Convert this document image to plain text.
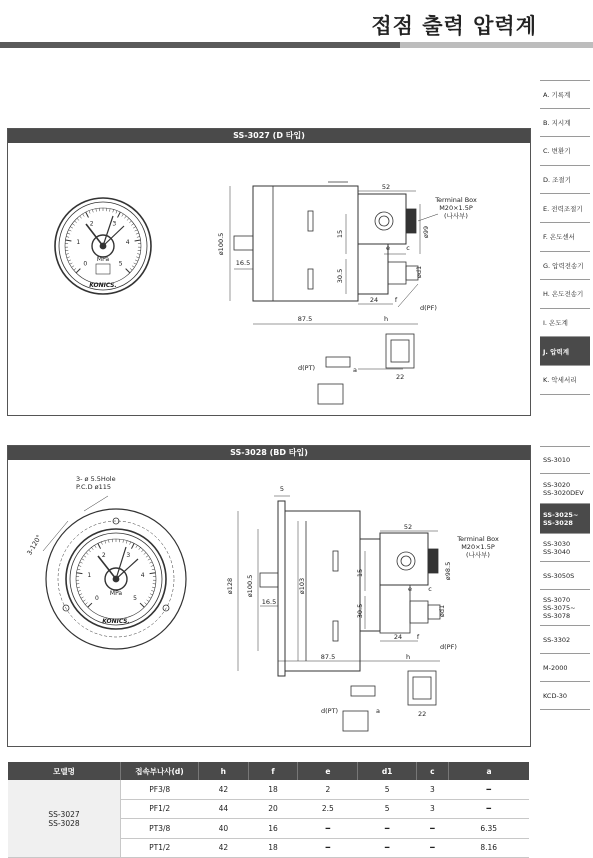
접점 출력 압력계
A. 기록계
B. 지시계
C. 변환기
D. 조절기
E. 전력조절기
F. 온도센서
G. 압력전송기
H. 온도전송기
I. 온도계
J. 압력계
K. 악세서리
SS-3010
SS-3020
SS-3020DEV
SS-3025~
SS-3028
SS-3030
SS-3040
SS-3050S
SS-3070
SS-3075~
SS-3078
SS-3302
M-2000
KCD-30
SS-3027 (D 타입)
0
1
2	3
4
5
MPa
KONICS.
ø100.5
52
15
30.5
16.5
24
87.5	h
f
e c
ø99
ød1
d(PF)
d(PT)	a
22
Terminal Box
M20×1.5P
(나사부)
SS-3028 (BD 타입)
0
1
2	3
4
5
MPa
KONICS.
3- ø 5.5Hole
P.C.D ø115
3-120°
ø128 ø100.5	ø103
5
52
15
30.5
16.5
24
87.5	h
f
e c
ø98.5
ød1
d(PF)
d(PT)	a	22
Terminal Box
M20×1.5P
(나사부)
모델명	접속부나사(d)	h	f	e	d1	c	a

SS-3027
SS-3028	PF3/8	42	18	2	5	3	━
	PF1/2	44	20	2.5	5	3	━
	PT3/8	40	16	━	━	━	6.35
	PT1/2	42	18	━	━	━	8.16
